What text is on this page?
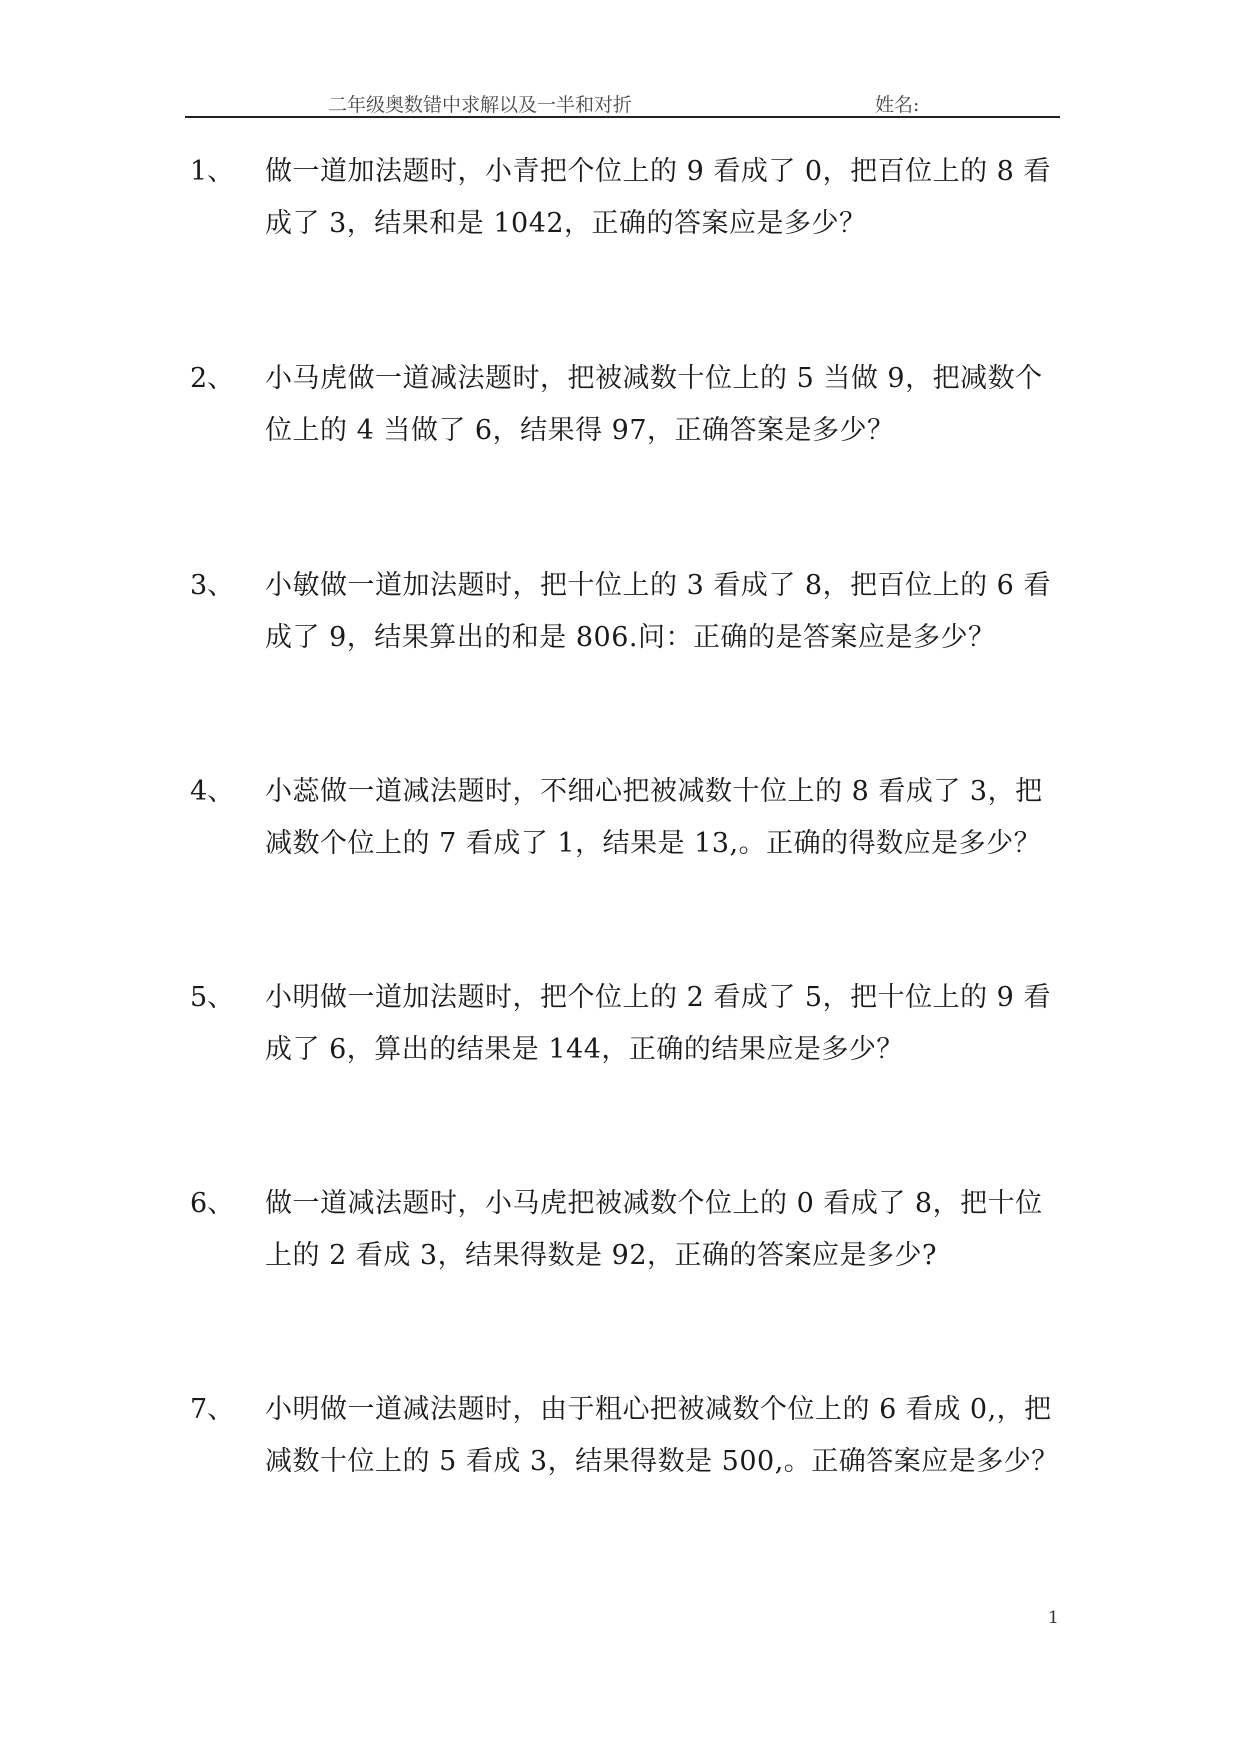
二年级奥数错中求解以及一半和对折	姓名:
1、 做一道加法题时，小青把个位上的 9 看成了 0，把百位上的 8 看成了 3，结果和是 1042，正确的答案应是多少？
2、 小马虎做一道减法题时，把被减数十位上的 5 当做 9，把减数个位上的 4 当做了 6，结果得 97，正确答案是多少？
3、 小敏做一道加法题时，把十位上的 3 看成了 8，把百位上的 6 看成了 9，结果算出的和是 806.问：正确的是答案应是多少？
4、 小蕊做一道减法题时，不细心把被减数十位上的 8 看成了 3，把减数个位上的 7 看成了 1，结果是 13,。正确的得数应是多少？
5、 小明做一道加法题时，把个位上的 2 看成了 5，把十位上的 9 看成了 6，算出的结果是 144，正确的结果应是多少？
6、 做一道减法题时，小马虎把被减数个位上的 0 看成了 8，把十位上的 2 看成 3，结果得数是 92，正确的答案应是多少?
7、 小明做一道减法题时，由于粗心把被减数个位上的 6 看成 0,，把减数十位上的 5 看成 3，结果得数是 500,。正确答案应是多少？
1
